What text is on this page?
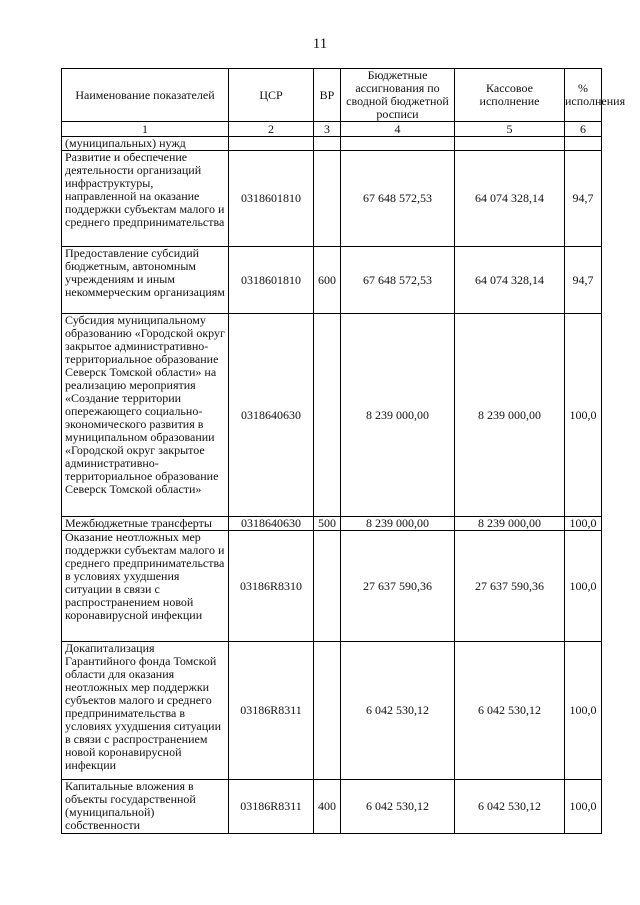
11
Наименование показателей	ЦСР	ВР	Бюджетные ассигнования по сводной бюджетной росписи	Кассовое исполнение	% исполнения
1	2	3	4	5	6
(муниципальных) нужд					
Развитие и обеспечение деятельности организаций инфраструктуры, направленной на оказание поддержки субъектам малого и среднего предпринимательства	0318601810		67 648 572,53	64 074 328,14	94,7
Предоставление субсидий бюджетным, автономным учреждениям и иным некоммерческим организациям	0318601810	600	67 648 572,53	64 074 328,14	94,7
Субсидия муниципальному образованию «Городской округ закрытое административно-территориальное образование Северск Томской области» на реализацию мероприятия «Создание территории опережающего социально-экономического развития в муниципальном образовании «Городской округ закрытое административно-территориальное образование Северск Томской области»	0318640630		8 239 000,00	8 239 000,00	100,0
Межбюджетные трансферты	0318640630	500	8 239 000,00	8 239 000,00	100,0
Оказание неотложных мер поддержки субъектам малого и среднего предпринимательства в условиях ухудшения ситуации в связи с распространением новой коронавирусной инфекции	03186R8310		27 637 590,36	27 637 590,36	100,0
Докапитализация Гарантийного фонда Томской области для оказания неотложных мер поддержки субъектов малого и среднего предпринимательства в условиях ухудшения ситуации в связи с распространением новой коронавирусной инфекции	03186R8311		6 042 530,12	6 042 530,12	100,0
Капитальные вложения в объекты государственной (муниципальной) собственности	03186R8311	400	6 042 530,12	6 042 530,12	100,0
